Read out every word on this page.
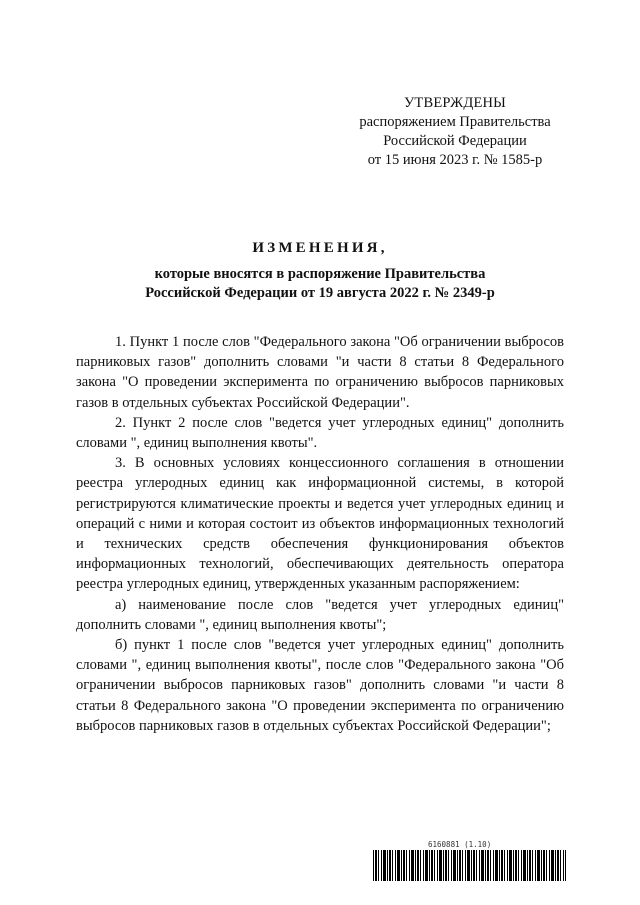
УТВЕРЖДЕНЫ
распоряжением Правительства
Российской Федерации
от 15 июня 2023 г. № 1585-р
ИЗМЕНЕНИЯ,
которые вносятся в распоряжение Правительства
Российской Федерации от 19 августа 2022 г. № 2349-р

1. Пункт 1 после слов "Федерального закона "Об ограничении выбросов парниковых газов" дополнить словами "и части 8 статьи 8 Федерального закона "О проведении эксперимента по ограничению выбросов парниковых газов в отдельных субъектах Российской Федерации".

2. Пункт 2 после слов "ведется учет углеродных единиц" дополнить словами ", единиц выполнения квоты".

3. В основных условиях концессионного соглашения в отношении реестра углеродных единиц как информационной системы, в которой регистрируются климатические проекты и ведется учет углеродных единиц и операций с ними и которая состоит из объектов информационных технологий и технических средств обеспечения функционирования объектов информационных технологий, обеспечивающих деятельность оператора реестра углеродных единиц, утвержденных указанным распоряжением:

а) наименование после слов "ведется учет углеродных единиц" дополнить словами ", единиц выполнения квоты";

б) пункт 1 после слов "ведется учет углеродных единиц" дополнить словами ", единиц выполнения квоты", после слов "Федерального закона "Об ограничении выбросов парниковых газов" дополнить словами "и части 8 статьи 8 Федерального закона "О проведении эксперимента по ограничению выбросов парниковых газов в отдельных субъектах Российской Федерации";

6160881 (1.10)
